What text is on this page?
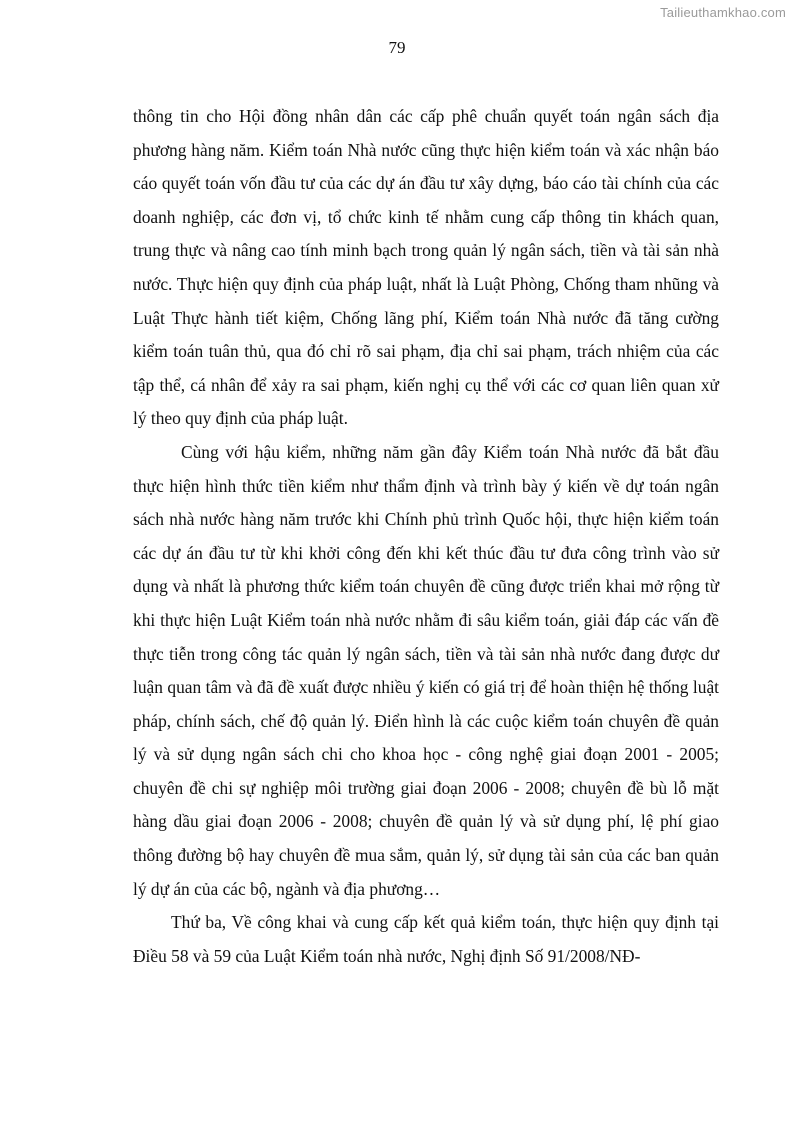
Tailieuthamkhao.com
79

thông tin cho Hội đồng nhân dân các cấp phê chuẩn quyết toán ngân sách địa phương hàng năm. Kiểm toán Nhà nước cũng thực hiện kiểm toán và xác nhận báo cáo quyết toán vốn đầu tư của các dự án đầu tư xây dựng, báo cáo tài chính của các doanh nghiệp, các đơn vị, tổ chức kinh tế nhằm cung cấp thông tin khách quan, trung thực và nâng cao tính minh bạch trong quản lý ngân sách, tiền và tài sản nhà nước. Thực hiện quy định của pháp luật, nhất là Luật Phòng, Chống tham nhũng và Luật Thực hành tiết kiệm, Chống lãng phí, Kiểm toán Nhà nước đã tăng cường kiểm toán tuân thủ, qua đó chỉ rõ sai phạm, địa chỉ sai phạm, trách nhiệm của các tập thể, cá nhân để xảy ra sai phạm, kiến nghị cụ thể với các cơ quan liên quan xử lý theo quy định của pháp luật.

Cùng với hậu kiểm, những năm gần đây Kiểm toán Nhà nước đã bắt đầu thực hiện hình thức tiền kiểm như thẩm định và trình bày ý kiến về dự toán ngân sách nhà nước hàng năm trước khi Chính phủ trình Quốc hội, thực hiện kiểm toán các dự án đầu tư từ khi khởi công đến khi kết thúc đầu tư đưa công trình vào sử dụng và nhất là phương thức kiểm toán chuyên đề cũng được triển khai mở rộng từ khi thực hiện Luật Kiểm toán nhà nước nhằm đi sâu kiểm toán, giải đáp các vấn đề thực tiễn trong công tác quản lý ngân sách, tiền và tài sản nhà nước đang được dư luận quan tâm và đã đề xuất được nhiều ý kiến có giá trị để hoàn thiện hệ thống luật pháp, chính sách, chế độ quản lý. Điển hình là các cuộc kiểm toán chuyên đề quản lý và sử dụng ngân sách chi cho khoa học - công nghệ giai đoạn 2001 - 2005; chuyên đề chi sự nghiệp môi trường giai đoạn 2006 - 2008; chuyên đề bù lỗ mặt hàng dầu giai đoạn 2006 - 2008; chuyên đề quản lý và sử dụng phí, lệ phí giao thông đường bộ hay chuyên đề mua sắm, quản lý, sử dụng tài sản của các ban quản lý dự án của các bộ, ngành và địa phương…

Thứ ba, Về công khai và cung cấp kết quả kiểm toán, thực hiện quy định tại Điều 58 và 59 của Luật Kiểm toán nhà nước, Nghị định Số 91/2008/NĐ-
